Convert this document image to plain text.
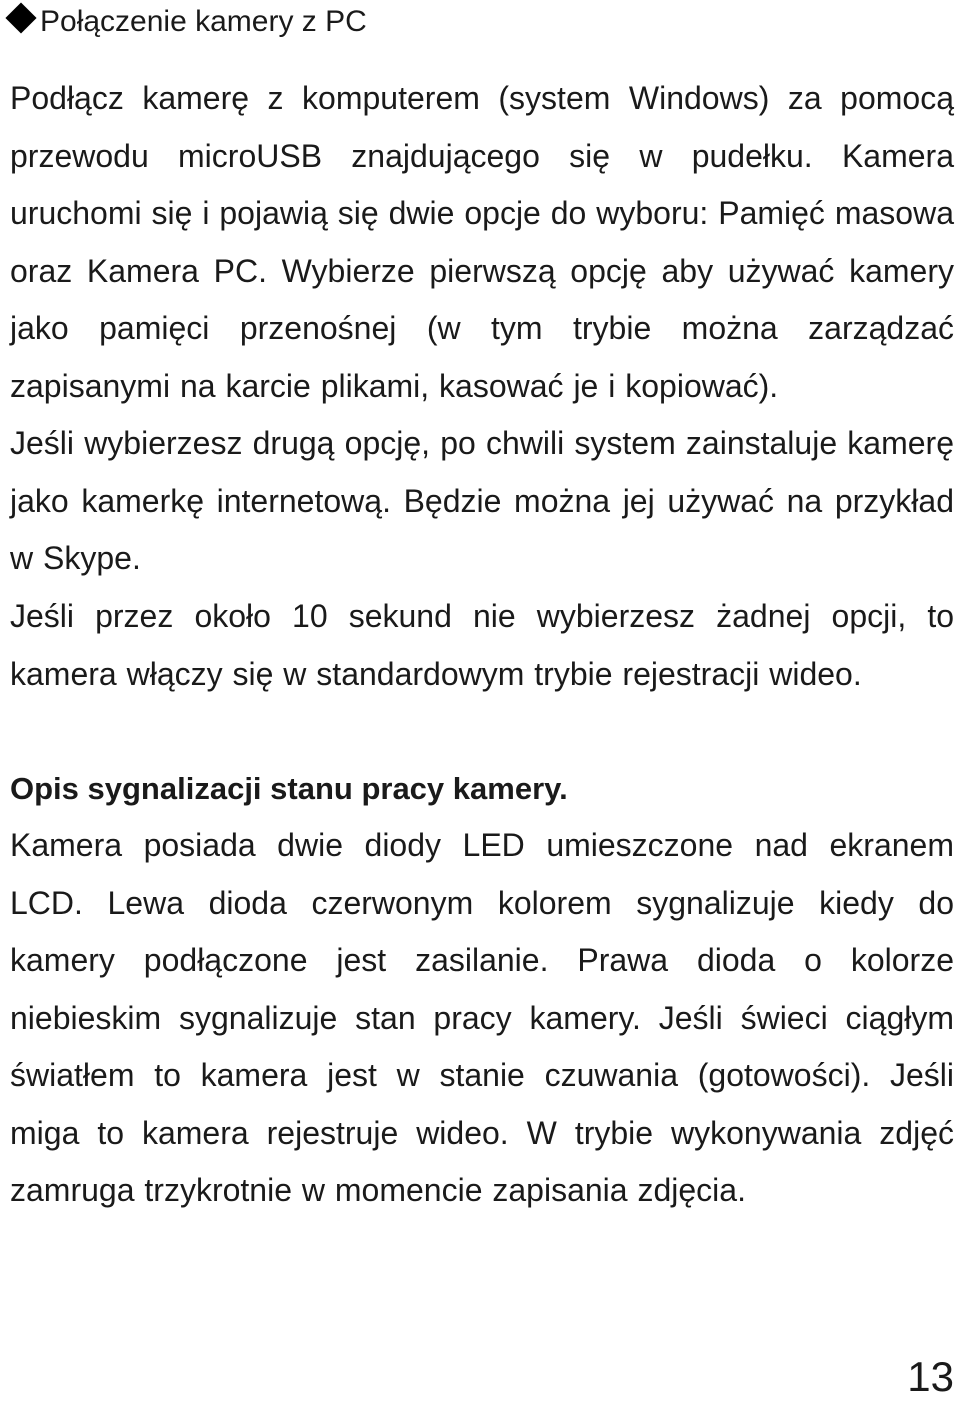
Połączenie kamery z PC
Podłącz kamerę z komputerem (system Windows) za pomocą przewodu microUSB znajdującego się w pudełku. Kamera uruchomi się i pojawią się dwie opcje do wyboru: Pamięć masowa oraz Kamera PC. Wybierze pierwszą opcję aby używać kamery jako pamięci przenośnej (w tym trybie można zarządzać zapisanymi na karcie plikami, kasować je i kopiować).
Jeśli wybierzesz drugą opcję, po chwili system zainstaluje kamerę jako kamerkę internetową. Będzie można jej używać na przykład w Skype.
Jeśli przez około 10 sekund nie wybierzesz żadnej opcji, to kamera włączy się w standardowym trybie rejestracji wideo.
Opis sygnalizacji stanu pracy kamery.
Kamera posiada dwie diody LED umieszczone nad ekranem LCD. Lewa dioda czerwonym kolorem sygnalizuje kiedy do kamery podłączone jest zasilanie. Prawa dioda o kolorze niebieskim sygnalizuje stan pracy kamery. Jeśli świeci ciągłym światłem to kamera jest w stanie czuwania (gotowości). Jeśli miga to kamera rejestruje wideo. W trybie wykonywania zdjęć zamruga trzykrotnie w momencie zapisania zdjęcia.
13
